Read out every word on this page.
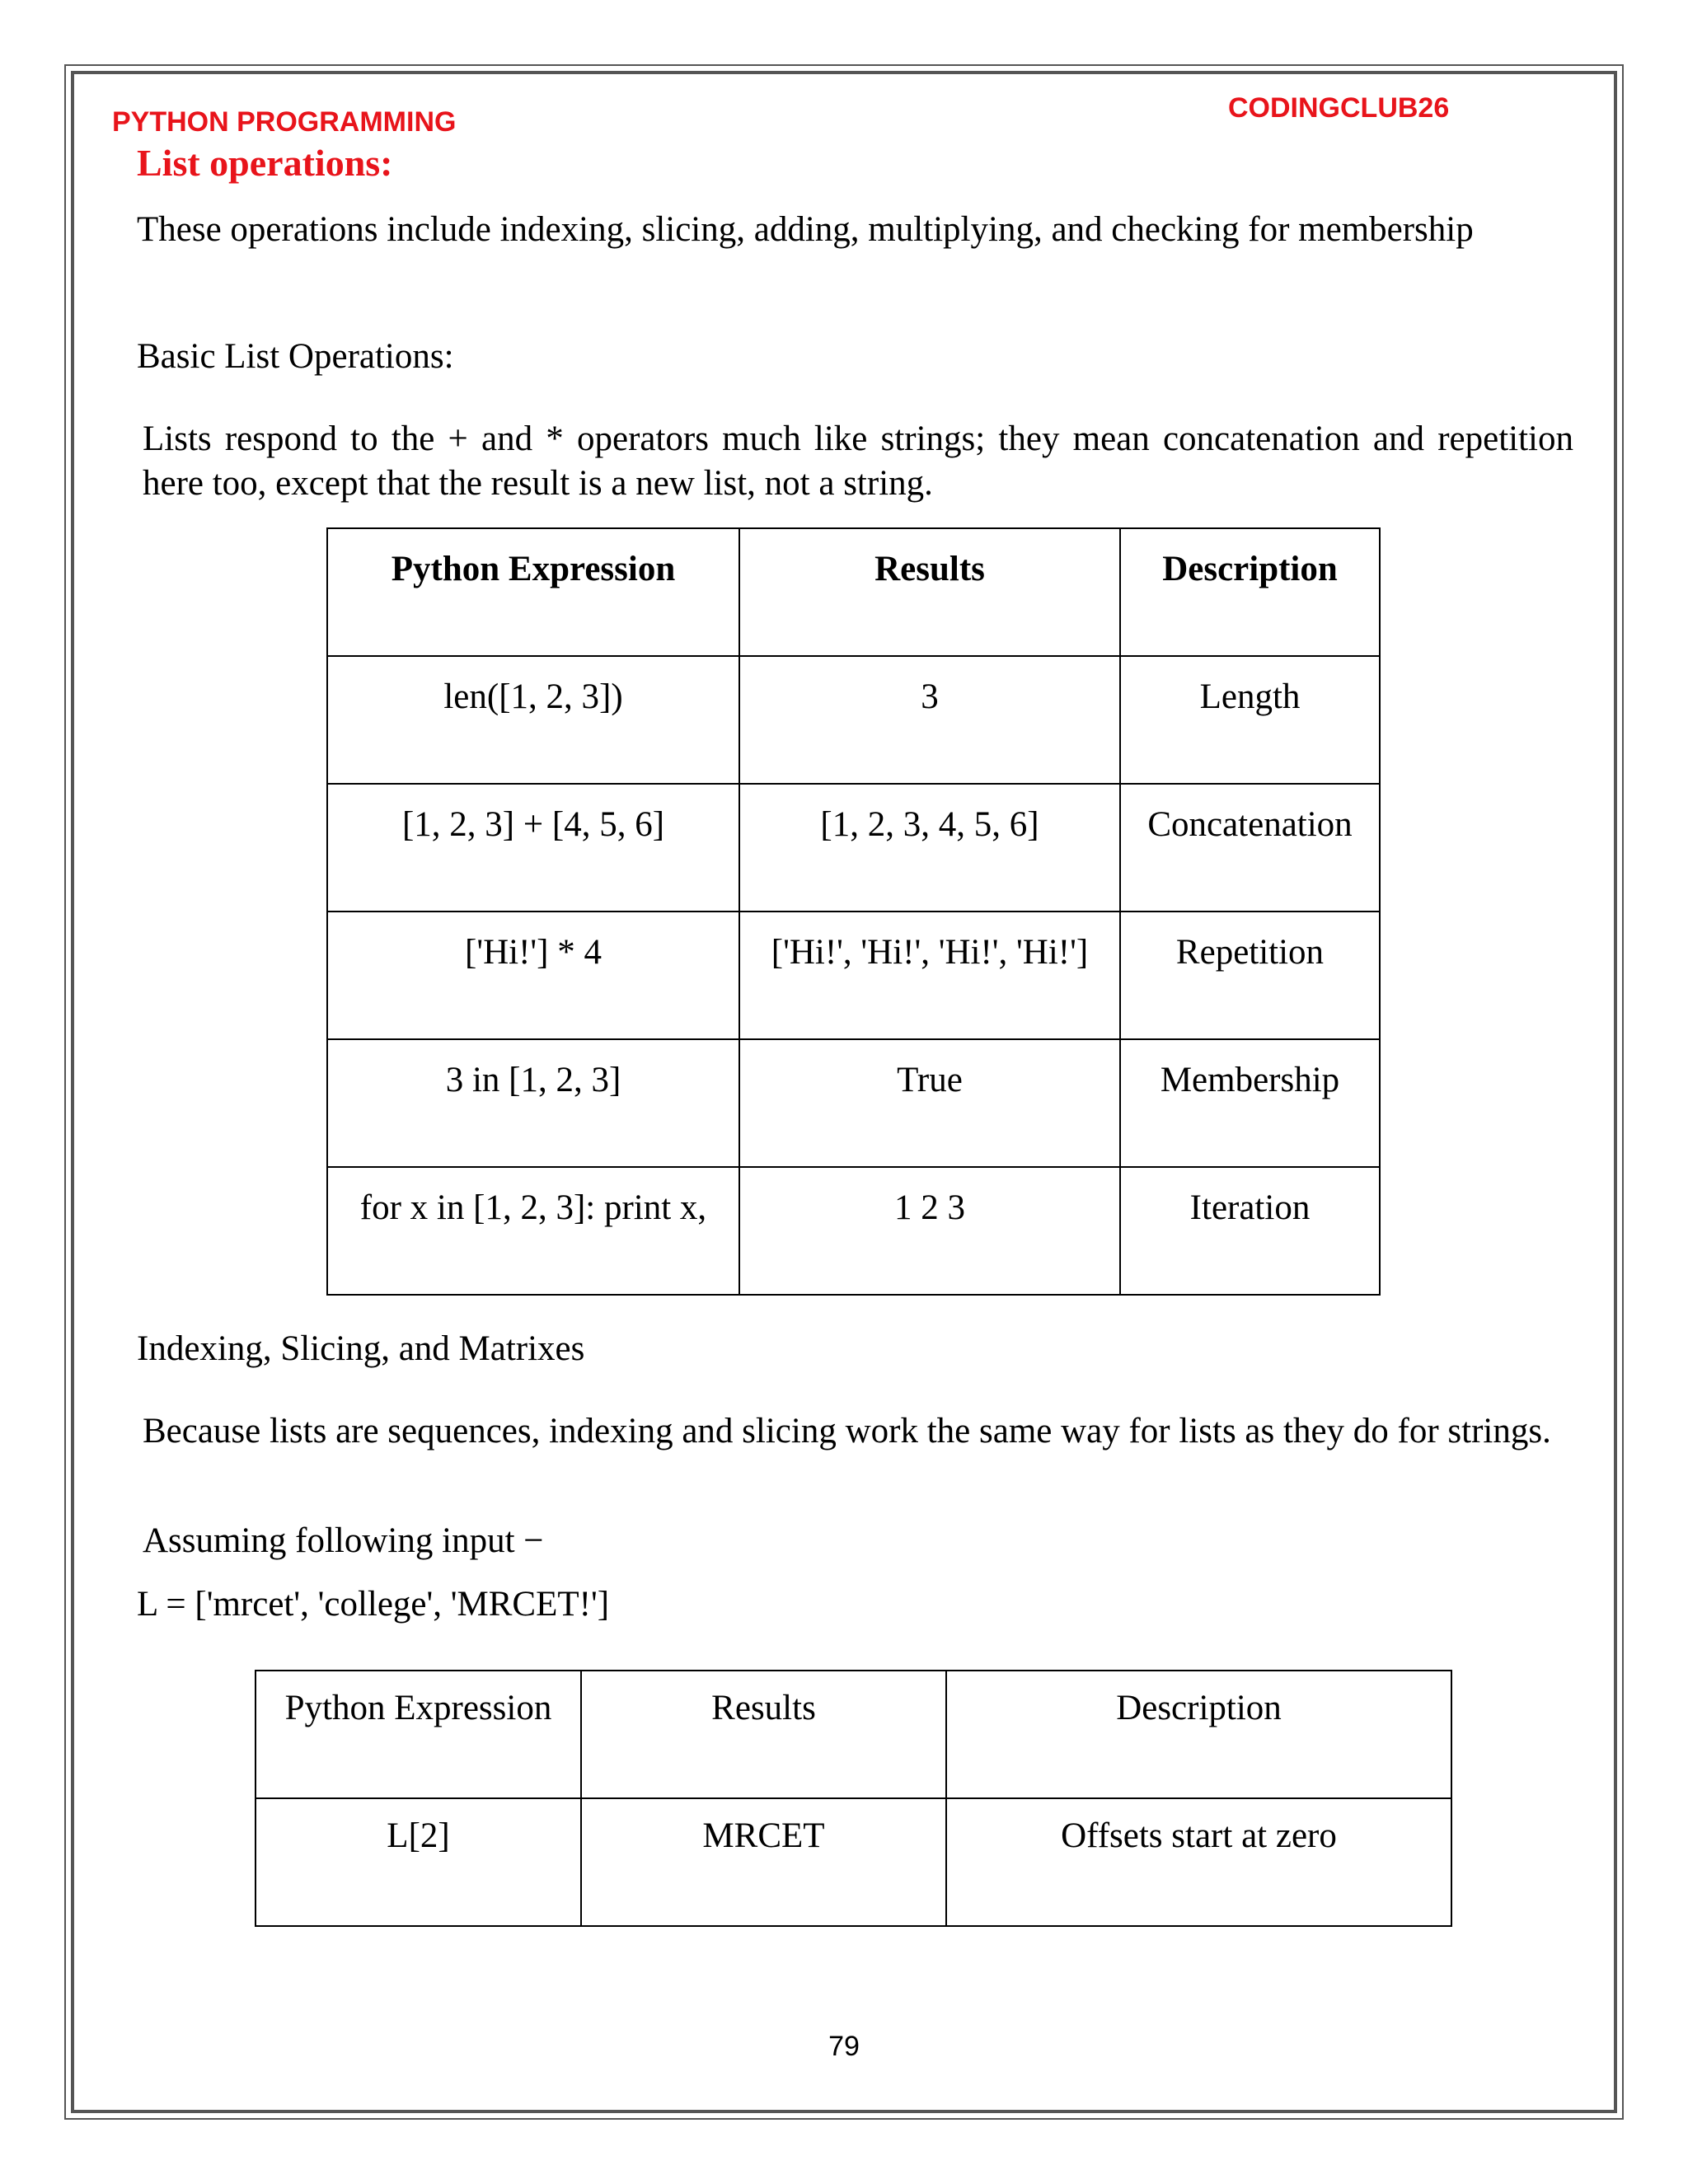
PYTHON PROGRAMMING	CODINGCLUB26
List operations:
These operations include indexing, slicing, adding, multiplying, and checking for membership
Basic List Operations:
Lists respond to the + and * operators much like strings; they mean concatenation and repetition here too, except that the result is a new list, not a string.
Python Expression	Results	Description
len([1, 2, 3])	3	Length
[1, 2, 3] + [4, 5, 6]	[1, 2, 3, 4, 5, 6]	Concatenation
['Hi!'] * 4	['Hi!', 'Hi!', 'Hi!', 'Hi!']	Repetition
3 in [1, 2, 3]	True	Membership
for x in [1, 2, 3]: print x,	1 2 3	Iteration
Indexing, Slicing, and Matrixes
Because lists are sequences, indexing and slicing work the same way for lists as they do for strings.
Assuming following input −
L = ['mrcet', 'college', 'MRCET!']
Python Expression	Results	Description
L[2]	MRCET	Offsets start at zero
79
